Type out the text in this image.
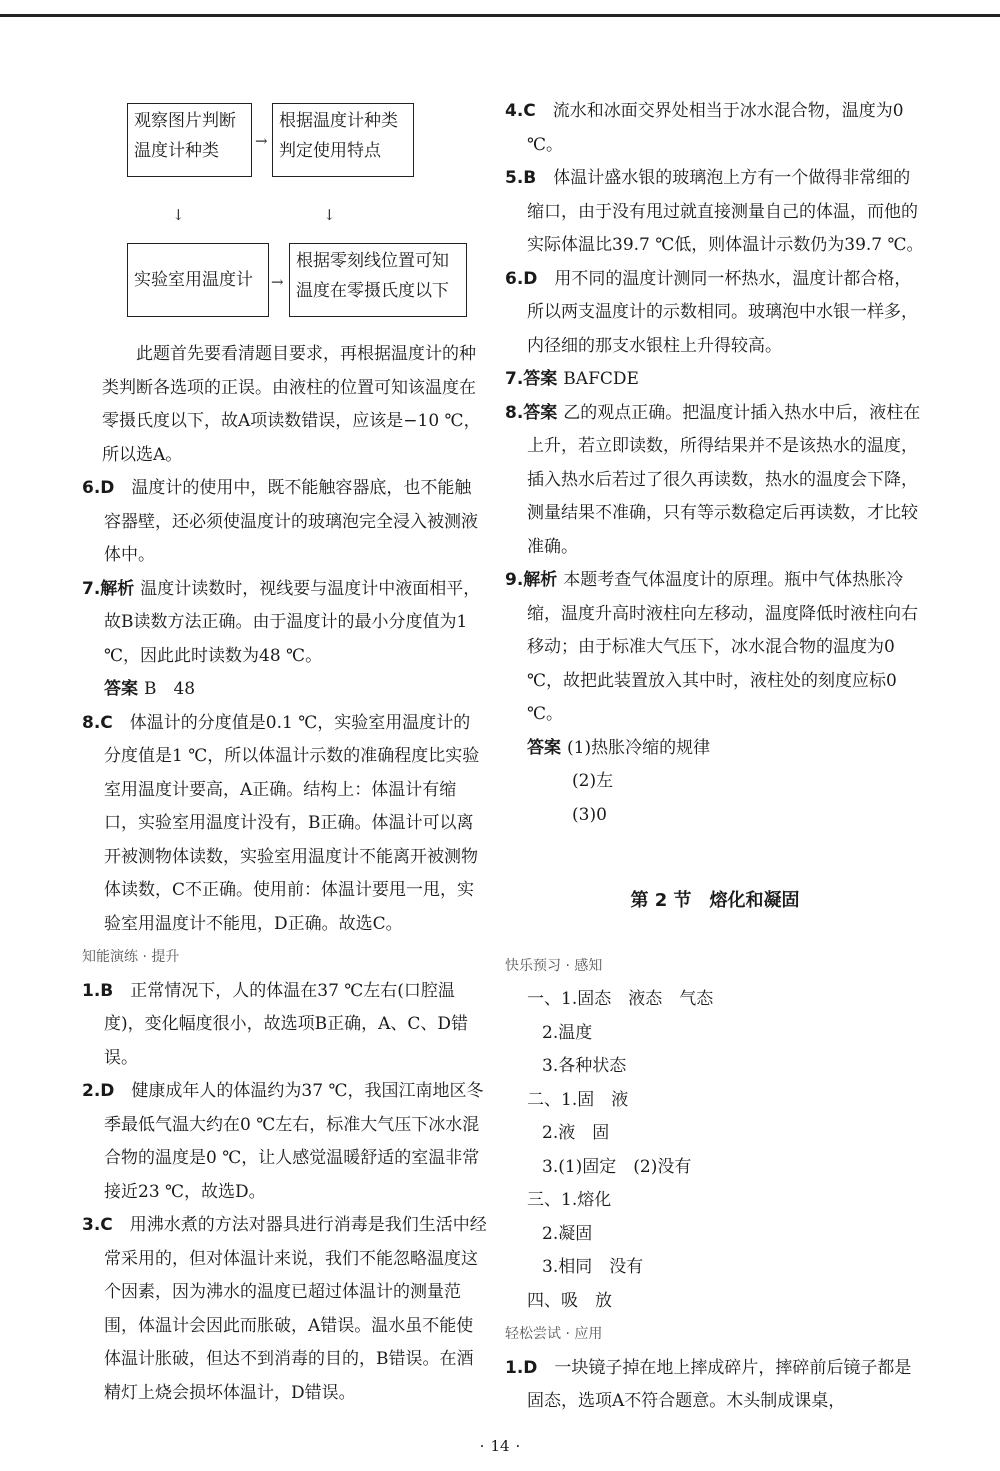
观察图片判断
温度计种类	→
根据温度计种类
判定使用特点
↓	↓
实验室用温度计	→
根据零刻线位置可知
温度在零摄氏度以下

此题首先要看清题目要求，再根据温度计的种类判断各选项的正误。由液柱的位置可知该温度在零摄氏度以下，故A项读数错误，应该是−10 ℃，所以选A。

6.D　 温度计的使用中，既不能触容器底，也不能触容器壁，还必须使温度计的玻璃泡完全浸入被测液体中。

7.解析 温度计读数时，视线要与温度计中液面相平，故B读数方法正确。由于温度计的最小分度值为1 ℃，因此此时读数为48 ℃。

答案 B　48

8.C　 体温计的分度值是0.1 ℃，实验室用温度计的分度值是1 ℃，所以体温计示数的准确程度比实验室用温度计要高，A正确。结构上：体温计有缩口，实验室用温度计没有，B正确。体温计可以离开被测物体读数，实验室用温度计不能离开被测物体读数，C不正确。使用前：体温计要甩一甩，实验室用温度计不能甩，D正确。故选C。

知能演练 · 提升

1.B　 正常情况下，人的体温在37 ℃左右(口腔温度)，变化幅度很小，故选项B正确，A、C、D错误。

2.D　 健康成年人的体温约为37 ℃，我国江南地区冬季最低气温大约在0 ℃左右，标准大气压下冰水混合物的温度是0 ℃，让人感觉温暖舒适的室温非常接近23 ℃，故选D。

3.C　 用沸水煮的方法对器具进行消毒是我们生活中经常采用的，但对体温计来说，我们不能忽略温度这个因素，因为沸水的温度已超过体温计的测量范围，体温计会因此而胀破，A错误。温水虽不能使体温计胀破，但达不到消毒的目的，B错误。在酒精灯上烧会损坏体温计，D错误。

4.C　 流水和冰面交界处相当于冰水混合物，温度为0 ℃。

5.B　 体温计盛水银的玻璃泡上方有一个做得非常细的缩口，由于没有甩过就直接测量自己的体温，而他的实际体温比39.7 ℃低，则体温计示数仍为39.7 ℃。

6.D　 用不同的温度计测同一杯热水，温度计都合格，所以两支温度计的示数相同。玻璃泡中水银一样多，内径细的那支水银柱上升得较高。

7.答案 BAFCDE

8.答案 乙的观点正确。把温度计插入热水中后，液柱在上升，若立即读数，所得结果并不是该热水的温度，插入热水后若过了很久再读数，热水的温度会下降，测量结果不准确，只有等示数稳定后再读数，才比较准确。

9.解析 本题考查气体温度计的原理。瓶中气体热胀冷缩，温度升高时液柱向左移动，温度降低时液柱向右移动；由于标准大气压下，冰水混合物的温度为0 ℃，故把此装置放入其中时，液柱处的刻度应标0 ℃。

答案 (1)热胀冷缩的规律

(2)左

(3)0

第 2 节 熔化和凝固

快乐预习 · 感知

一、1.固态　液态　气态

2.温度

3.各种状态

二、1.固　液

2.液　固

3.(1)固定　(2)没有

三、1.熔化

2.凝固

3.相同　没有

四、吸　放

轻松尝试 · 应用

1.D　 一块镜子掉在地上摔成碎片，摔碎前后镜子都是固态，选项A不符合题意。木头制成课桌，

· 14 ·
